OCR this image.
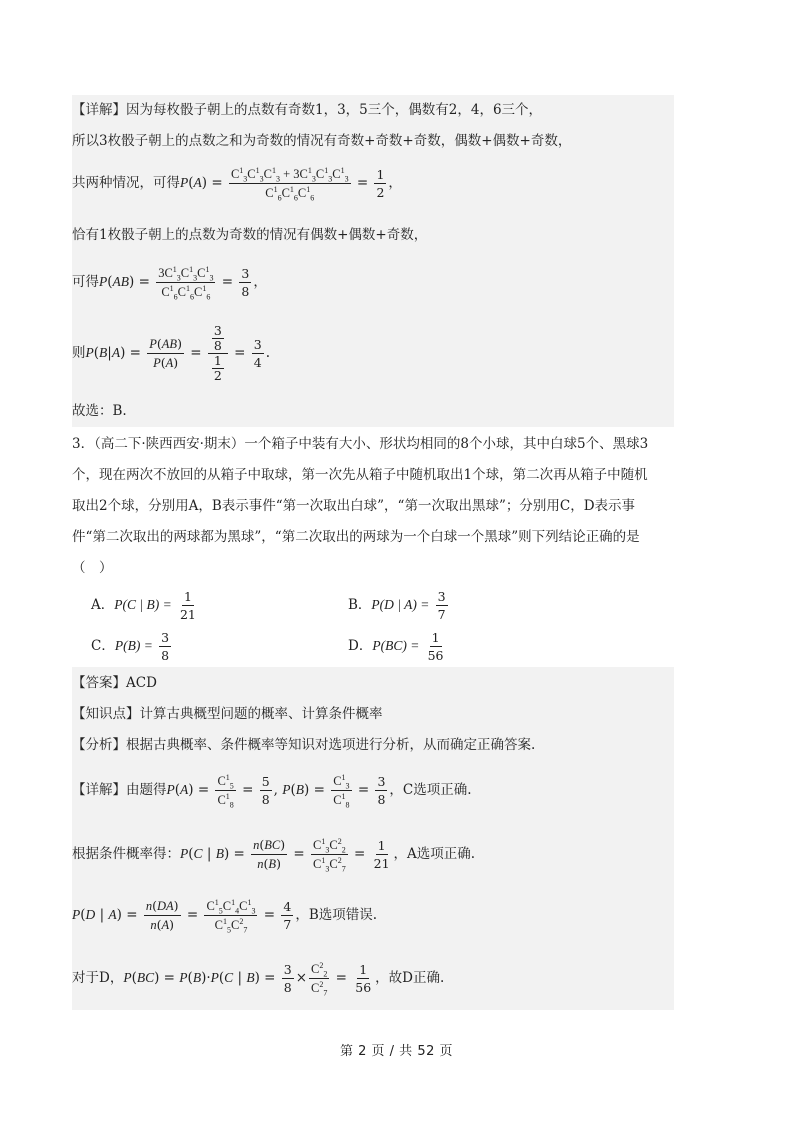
【详解】因为每枚骰子朝上的点数有奇数1，3，5三个，偶数有2，4，6三个，
所以3枚骰子朝上的点数之和为奇数的情况有奇数+奇数+奇数，偶数+偶数+奇数，
共两种情况，可得$P(A) = \frac{C^1_3C^1_3C^1_3 + 3C^1_3C^1_3C^1_3}{C^1_6C^1_6C^1_6} = \frac{1}{2}$ ，
恰有1枚骰子朝上的点数为奇数的情况有偶数+偶数+奇数，
可得$P(AB) = \frac{3C^1_3C^1_3C^1_3}{C^1_6C^1_6C^1_6} = \frac{3}{8}$ ，
则$P(B|A) = \frac{P(AB)}{P(A)} = \frac{\frac{3}{8}}{\frac{1}{2}} = \frac{3}{4}$ .
故选：B.
3．（高二下·陕西西安·期末）一个箱子中装有大小、形状均相同的8个小球，其中白球5个、黑球3
个，现在两次不放回的从箱子中取球，第一次先从箱子中随机取出1个球，第二次再从箱子中随机
取出2个球，分别用A，B表示事件“第一次取出白球”，“第一次取出黑球”；分别用C，D表示事
件“第二次取出的两球都为黑球”，“第二次取出的两球为一个白球一个黑球”则下列结论正确的是
（　）
A．P(C | $B) = \frac{1}{21}$	B．P(D | $A) = \frac{3}{7}$
C．$P(B) = \frac{3}{8}$	D．$P(BC) = \frac{1}{56}$
【答案】ACD
【知识点】计算古典概型问题的概率、计算条件概率
【分析】根据古典概率、条件概率等知识对选项进行分析，从而确定正确答案.
【详解】由题得$P(A) = \frac{C^1_5}{C^1_8} = \frac{5}{8}$ , $P(B) = \frac{C^1_3}{C^1_8} = \frac{3}{8}$ ，C选项正确.
根据条件概率得：P(C | $B) = \frac{n(BC)}{n(B)} = \frac{C^1_3C^2_2}{C^1_3C^2_7} = \frac{1}{21}$ ，A选项正确.
P(D | $A) = \frac{n(DA)}{n(A)} = \frac{C^1_5C^1_4C^1_3}{C^1_5C^2_7} = \frac{4}{7}$ ，B选项错误.
对于D，P(BC) = P(B)·P(C | $B) = \frac{3}{8} \times \frac{C^2_2}{C^2_7} = \frac{1}{56}$ ，故D正确.
第 2 页 / 共 52 页
